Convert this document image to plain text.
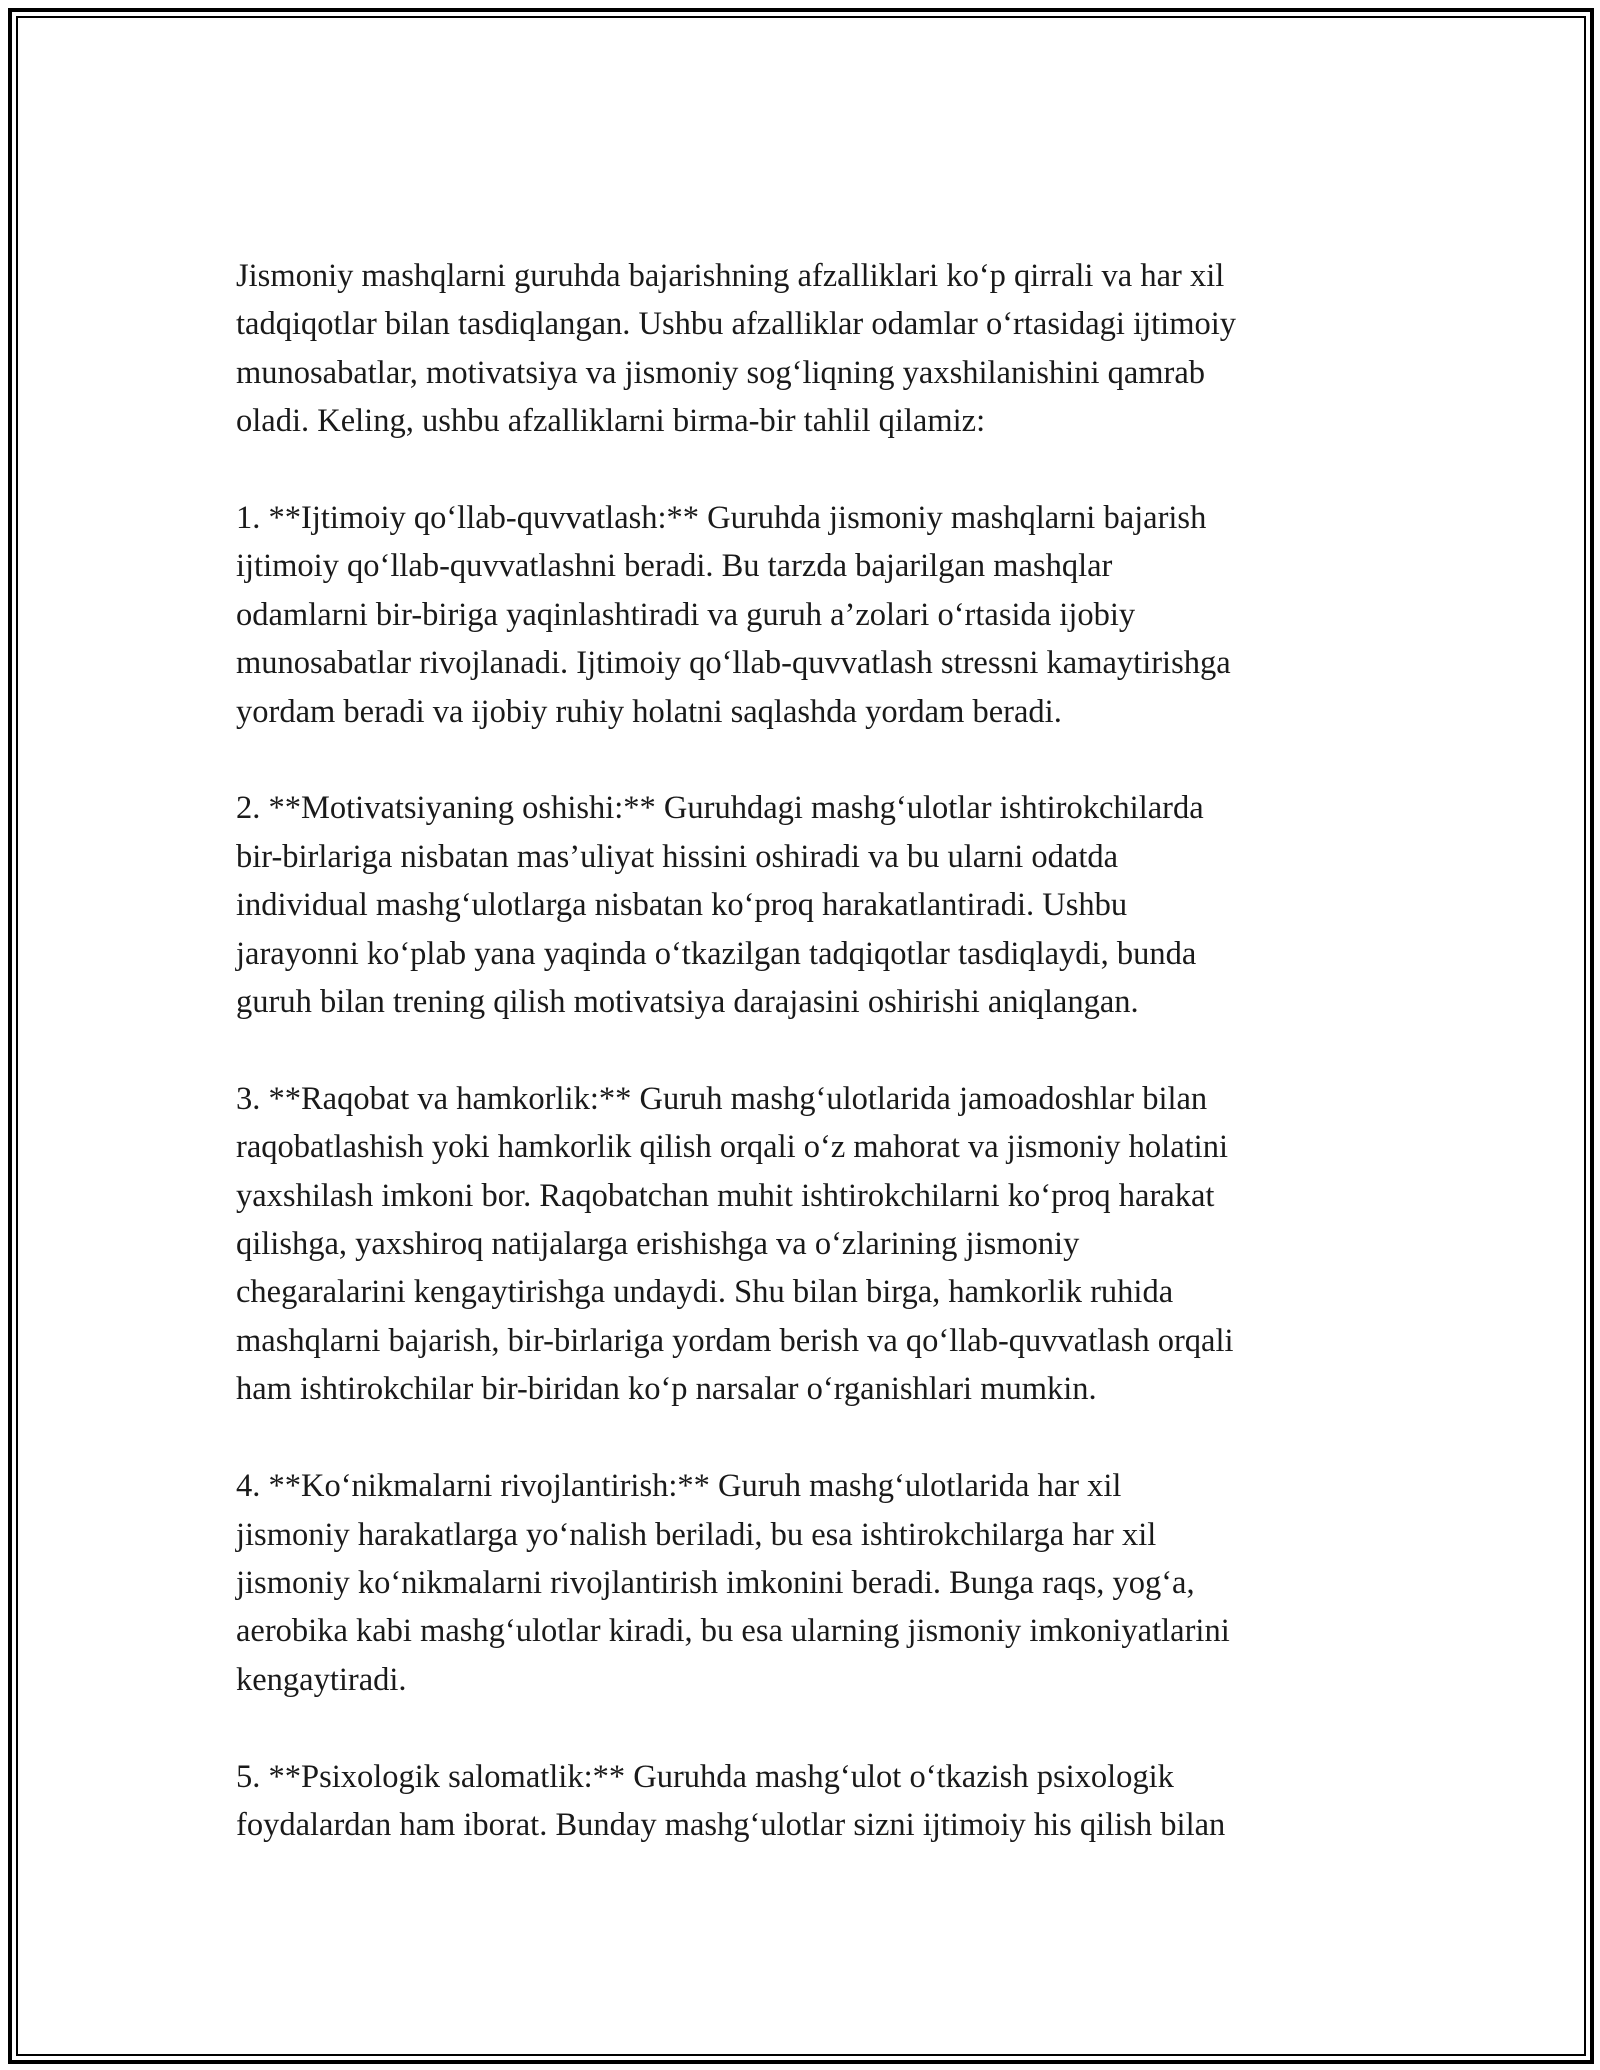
Jismoniy mashqlarni guruhda bajarishning afzalliklari ko‘p qirrali va har xil
tadqiqotlar bilan tasdiqlangan. Ushbu afzalliklar odamlar o‘rtasidagi ijtimoiy
munosabatlar, motivatsiya va jismoniy sog‘liqning yaxshilanishini qamrab
oladi. Keling, ushbu afzalliklarni birma-bir tahlil qilamiz:

1. **Ijtimoiy qo‘llab-quvvatlash:** Guruhda jismoniy mashqlarni bajarish
ijtimoiy qo‘llab-quvvatlashni beradi. Bu tarzda bajarilgan mashqlar
odamlarni bir-biriga yaqinlashtiradi va guruh a’zolari o‘rtasida ijobiy
munosabatlar rivojlanadi. Ijtimoiy qo‘llab-quvvatlash stressni kamaytirishga
yordam beradi va ijobiy ruhiy holatni saqlashda yordam beradi.

2. **Motivatsiyaning oshishi:** Guruhdagi mashg‘ulotlar ishtirokchilarda
bir-birlariga nisbatan mas’uliyat hissini oshiradi va bu ularni odatda
individual mashg‘ulotlarga nisbatan ko‘proq harakatlantiradi. Ushbu
jarayonni ko‘plab yana yaqinda o‘tkazilgan tadqiqotlar tasdiqlaydi, bunda
guruh bilan trening qilish motivatsiya darajasini oshirishi aniqlangan.

3. **Raqobat va hamkorlik:** Guruh mashg‘ulotlarida jamoadoshlar bilan
raqobatlashish yoki hamkorlik qilish orqali o‘z mahorat va jismoniy holatini
yaxshilash imkoni bor. Raqobatchan muhit ishtirokchilarni ko‘proq harakat
qilishga, yaxshiroq natijalarga erishishga va o‘zlarining jismoniy
chegaralarini kengaytirishga undaydi. Shu bilan birga, hamkorlik ruhida
mashqlarni bajarish, bir-birlariga yordam berish va qo‘llab-quvvatlash orqali
ham ishtirokchilar bir-biridan ko‘p narsalar o‘rganishlari mumkin.

4. **Ko‘nikmalarni rivojlantirish:** Guruh mashg‘ulotlarida har xil
jismoniy harakatlarga yo‘nalish beriladi, bu esa ishtirokchilarga har xil
jismoniy ko‘nikmalarni rivojlantirish imkonini beradi. Bunga raqs, yog‘a,
aerobika kabi mashg‘ulotlar kiradi, bu esa ularning jismoniy imkoniyatlarini
kengaytiradi.

5. **Psixologik salomatlik:** Guruhda mashg‘ulot o‘tkazish psixologik
foydalardan ham iborat. Bunday mashg‘ulotlar sizni ijtimoiy his qilish bilan
